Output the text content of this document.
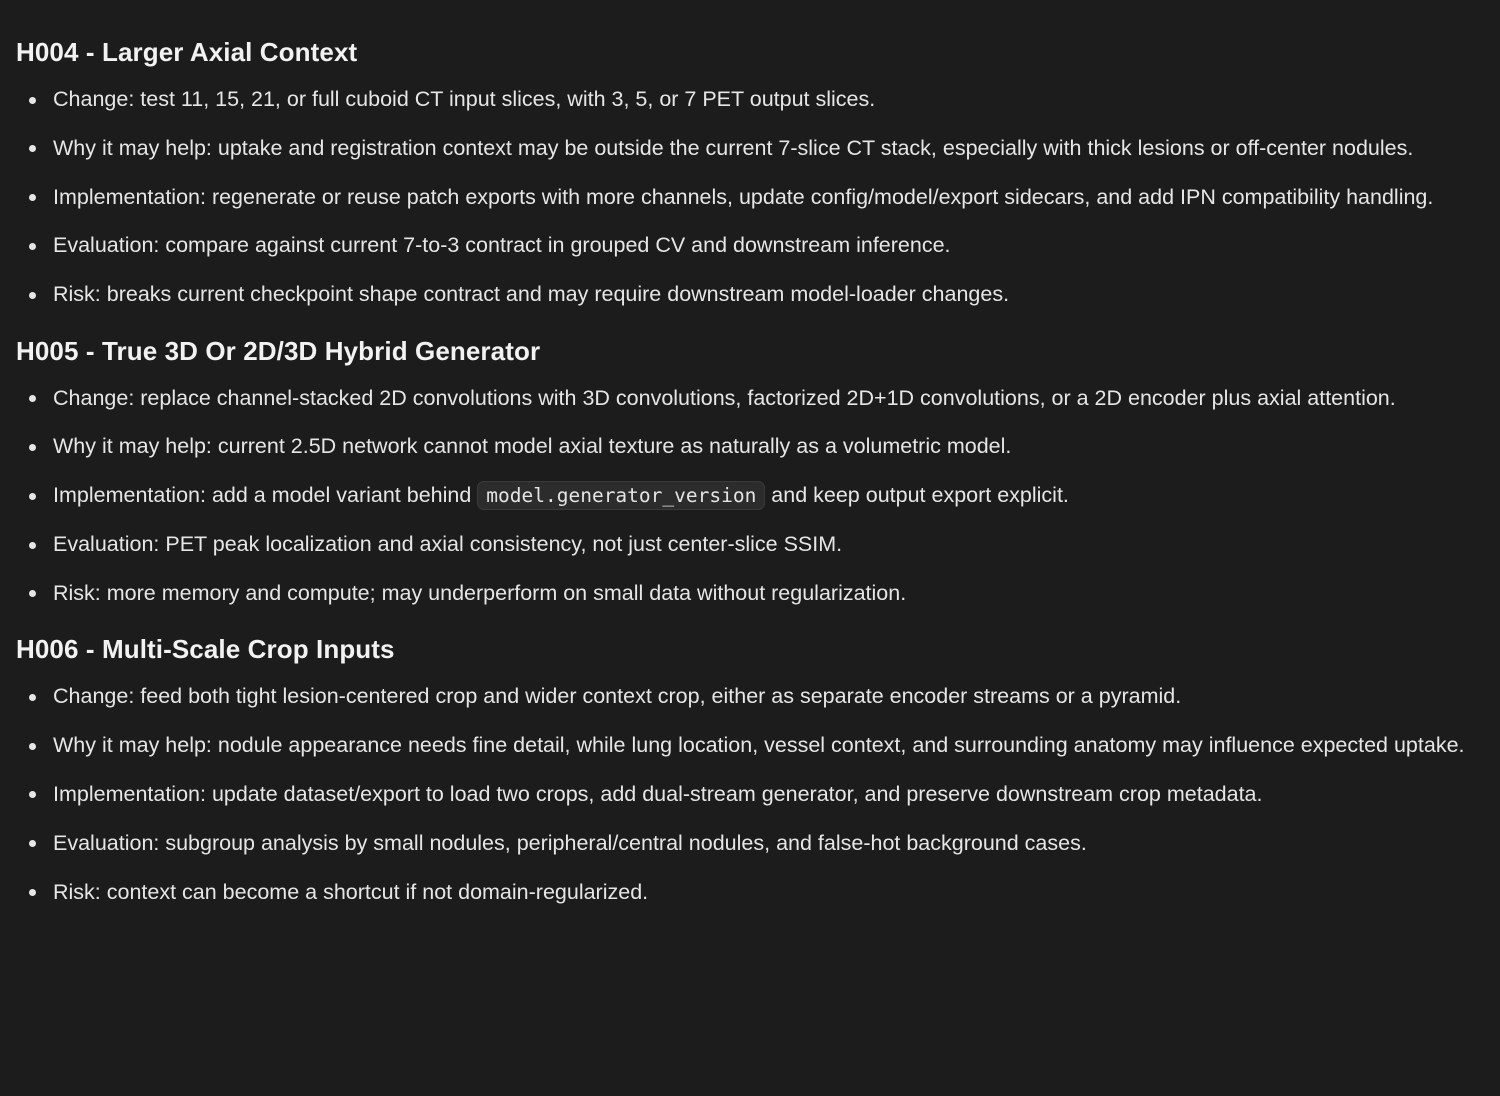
H004 - Larger Axial Context
Change: test 11, 15, 21, or full cuboid CT input slices, with 3, 5, or 7 PET output slices.
Why it may help: uptake and registration context may be outside the current 7-slice CT stack, especially with thick lesions or off-center nodules.
Implementation: regenerate or reuse patch exports with more channels, update config/model/export sidecars, and add IPN compatibility handling.
Evaluation: compare against current 7-to-3 contract in grouped CV and downstream inference.
Risk: breaks current checkpoint shape contract and may require downstream model-loader changes.
H005 - True 3D Or 2D/3D Hybrid Generator
Change: replace channel-stacked 2D convolutions with 3D convolutions, factorized 2D+1D convolutions, or a 2D encoder plus axial attention.
Why it may help: current 2.5D network cannot model axial texture as naturally as a volumetric model.
Implementation: add a model variant behind model.generator_version and keep output export explicit.
Evaluation: PET peak localization and axial consistency, not just center-slice SSIM.
Risk: more memory and compute; may underperform on small data without regularization.
H006 - Multi-Scale Crop Inputs
Change: feed both tight lesion-centered crop and wider context crop, either as separate encoder streams or a pyramid.
Why it may help: nodule appearance needs fine detail, while lung location, vessel context, and surrounding anatomy may influence expected uptake.
Implementation: update dataset/export to load two crops, add dual-stream generator, and preserve downstream crop metadata.
Evaluation: subgroup analysis by small nodules, peripheral/central nodules, and false-hot background cases.
Risk: context can become a shortcut if not domain-regularized.
